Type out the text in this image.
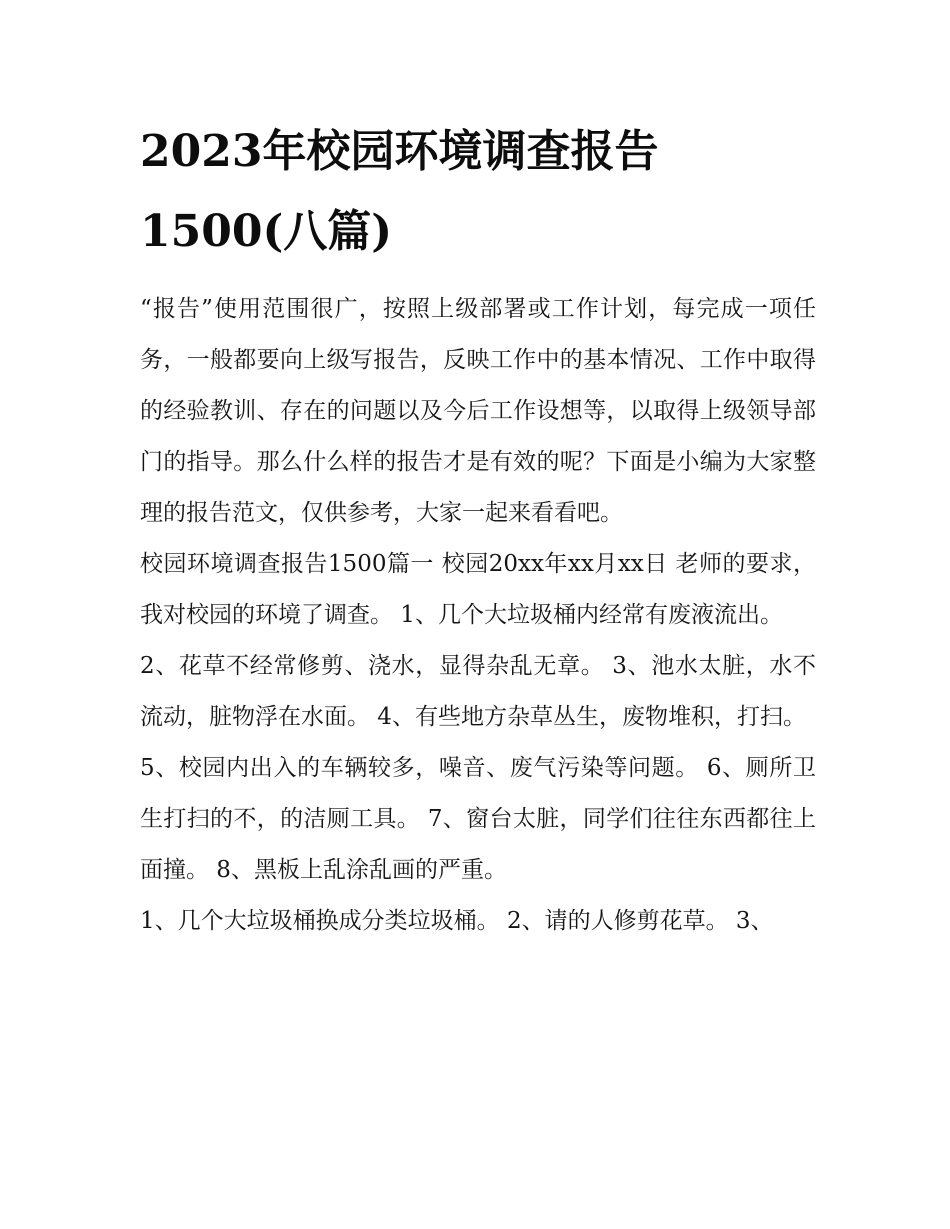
2023年校园环境调查报告
1500(八篇)

“报告”使用范围很广，按照上级部署或工作计划，每完成一项任务，一般都要向上级写报告，反映工作中的基本情况、工作中取得的经验教训、存在的问题以及今后工作设想等，以取得上级领导部门的指导。那么什么样的报告才是有效的呢？下面是小编为大家整理的报告范文，仅供参考，大家一起来看看吧。

校园环境调查报告1500篇一 校园20xx年xx月xx日 老师的要求，我对校园的环境了调查。 1、几个大垃圾桶内经常有废液流出。

2、花草不经常修剪、浇水，显得杂乱无章。 3、池水太脏，水不流动，脏物浮在水面。 4、有些地方杂草丛生，废物堆积，打扫。

5、校园内出入的车辆较多，噪音、废气污染等问题。 6、厕所卫生打扫的不，的洁厕工具。 7、窗台太脏，同学们往往东西都往上面撞。 8、黑板上乱涂乱画的严重。

1、几个大垃圾桶换成分类垃圾桶。 2、请的人修剪花草。 3、
